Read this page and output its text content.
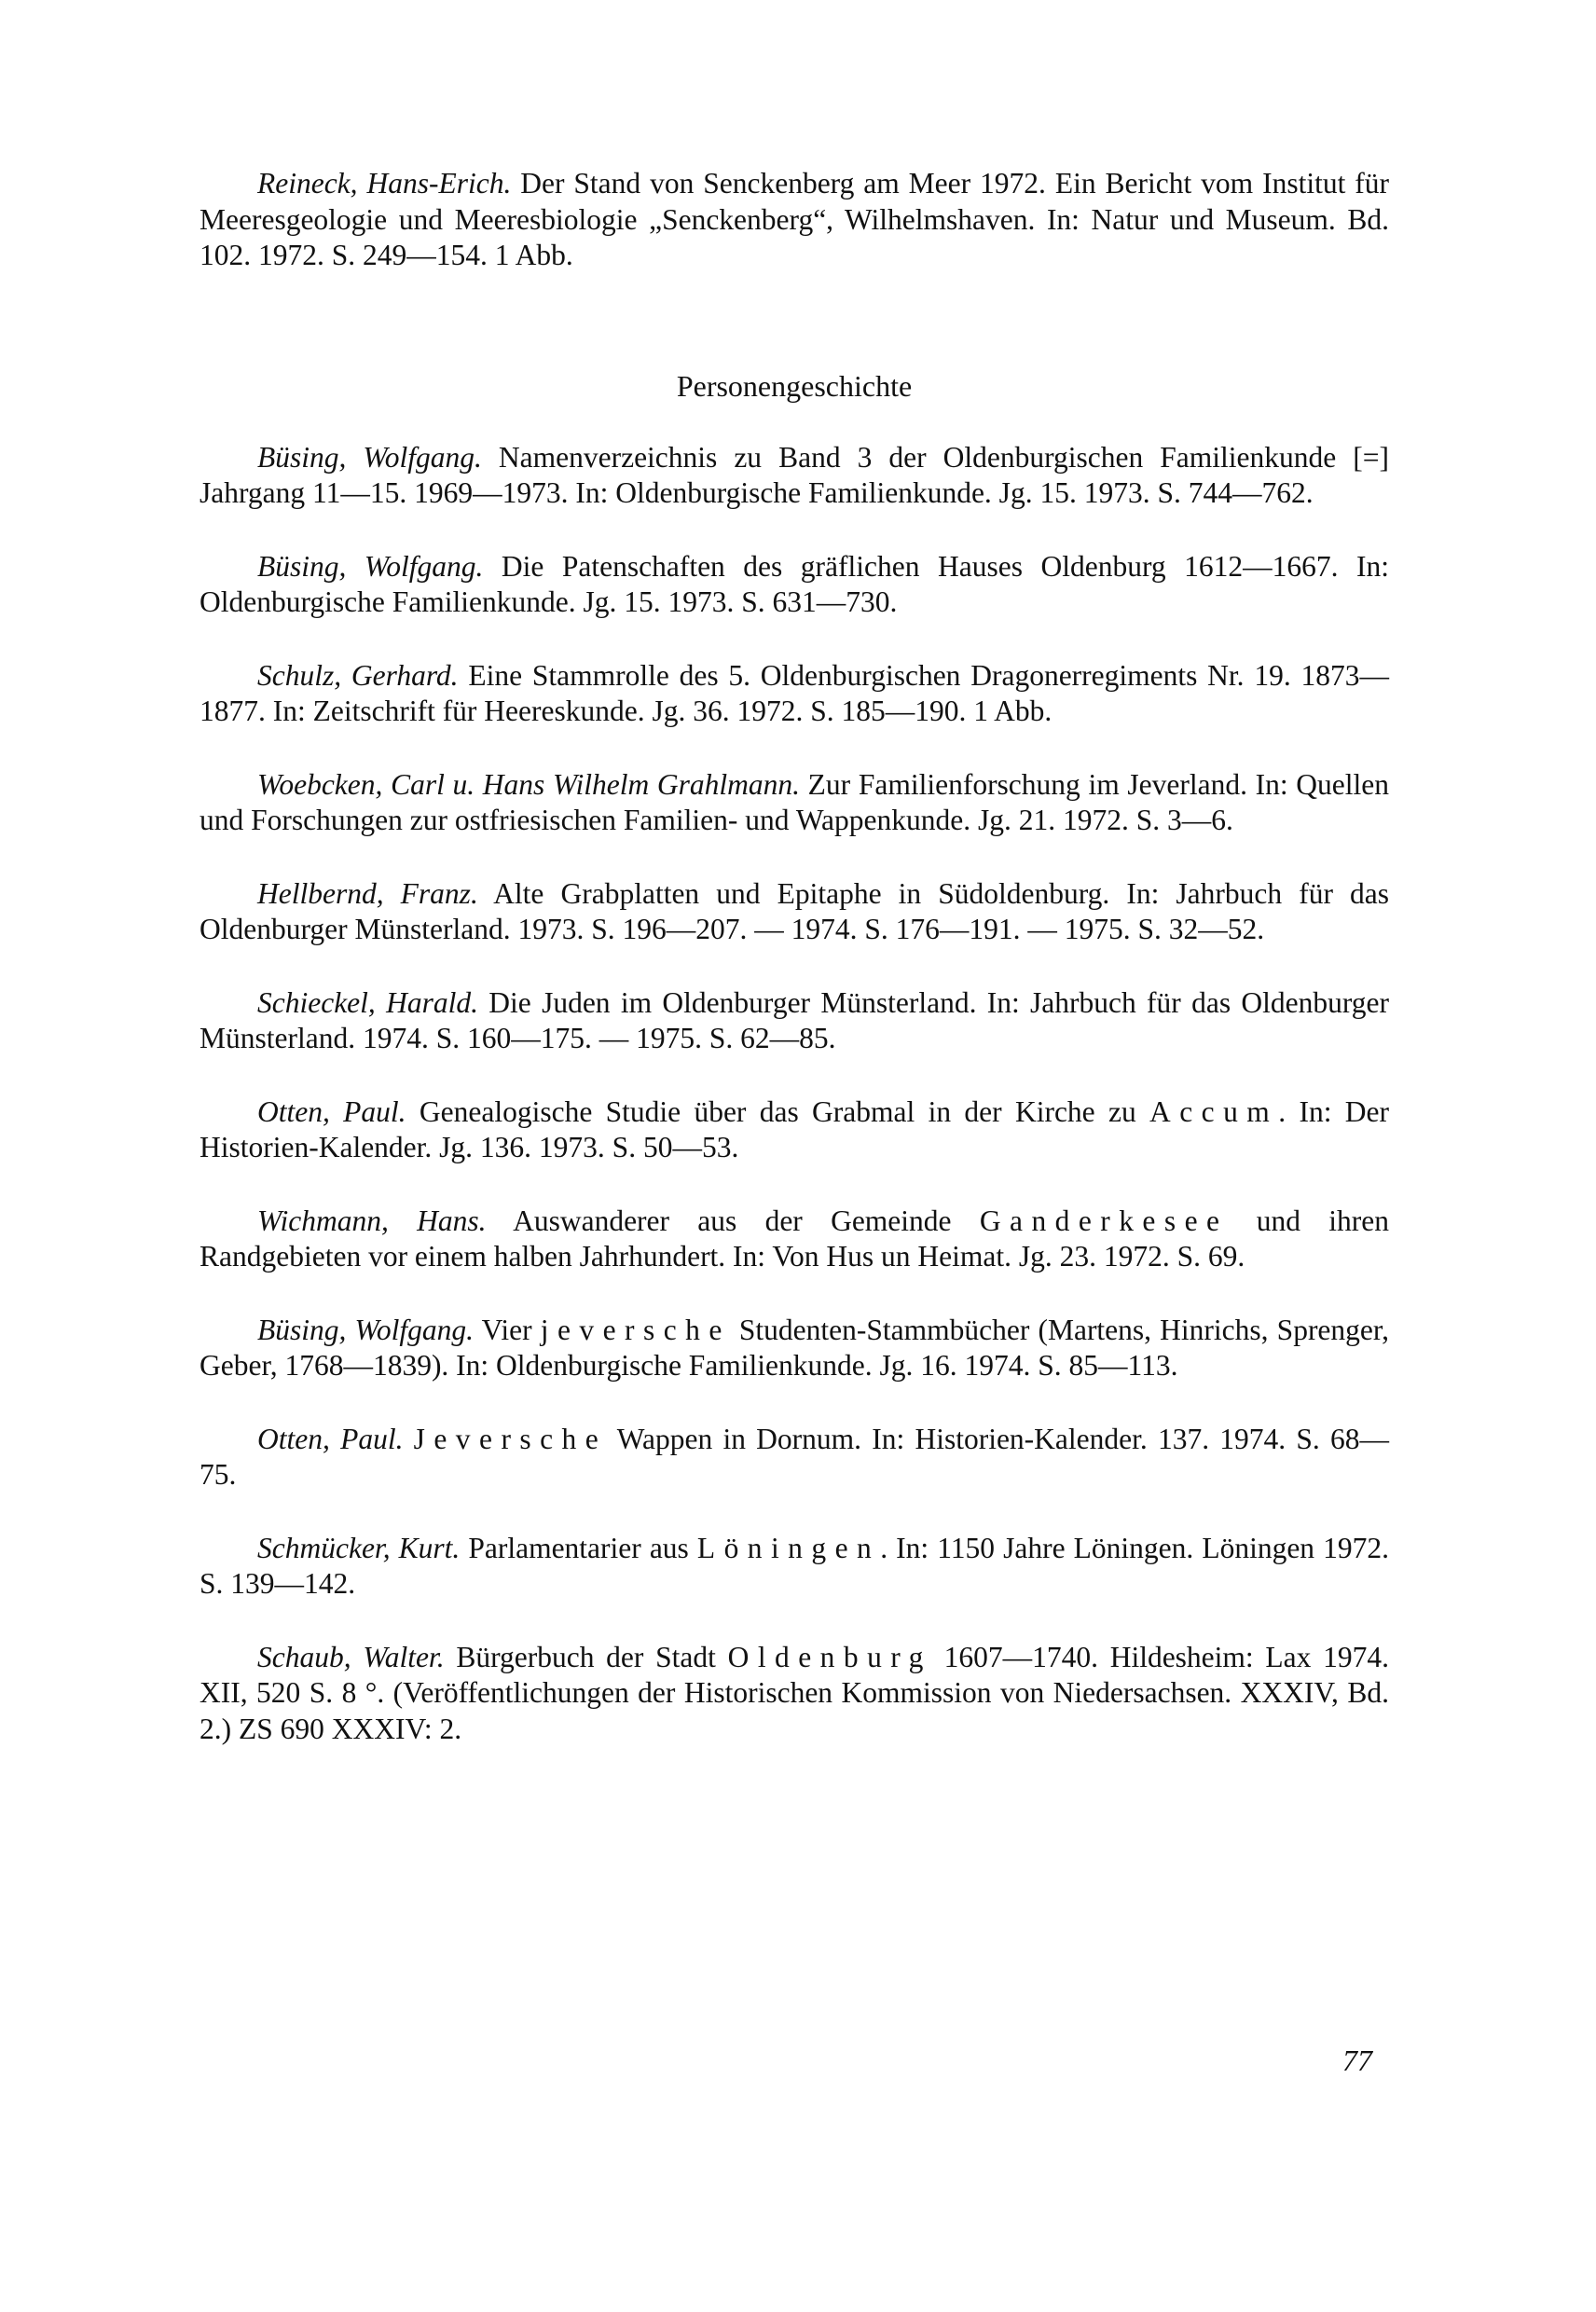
Reineck, Hans-Erich. Der Stand von Senckenberg am Meer 1972. Ein Bericht vom Institut für Meeresgeologie und Meeresbiologie „Senckenberg“, Wilhelmshaven. In: Natur und Museum. Bd. 102. 1972. S. 249—154. 1 Abb.

Personengeschichte

Büsing, Wolfgang. Namenverzeichnis zu Band 3 der Oldenburgischen Familienkunde [=] Jahrgang 11—15. 1969—1973. In: Oldenburgische Familienkunde. Jg. 15. 1973. S. 744—762.

Büsing, Wolfgang. Die Patenschaften des gräflichen Hauses Oldenburg 1612—1667. In: Oldenburgische Familienkunde. Jg. 15. 1973. S. 631—730.

Schulz, Gerhard. Eine Stammrolle des 5. Oldenburgischen Dragonerregiments Nr. 19. 1873—1877. In: Zeitschrift für Heereskunde. Jg. 36. 1972. S. 185—190. 1 Abb.

Woebcken, Carl u. Hans Wilhelm Grahlmann. Zur Familienforschung im Jeverland. In: Quellen und Forschungen zur ostfriesischen Familien- und Wappenkunde. Jg. 21. 1972. S. 3—6.

Hellbernd, Franz. Alte Grabplatten und Epitaphe in Südoldenburg. In: Jahrbuch für das Oldenburger Münsterland. 1973. S. 196—207. — 1974. S. 176—191. — 1975. S. 32—52.

Schieckel, Harald. Die Juden im Oldenburger Münsterland. In: Jahrbuch für das Oldenburger Münsterland. 1974. S. 160—175. — 1975. S. 62—85.

Otten, Paul. Genealogische Studie über das Grabmal in der Kirche zu Accum. In: Der Historien-Kalender. Jg. 136. 1973. S. 50—53.

Wichmann, Hans. Auswanderer aus der Gemeinde Ganderkesee und ihren Randgebieten vor einem halben Jahrhundert. In: Von Hus un Heimat. Jg. 23. 1972. S. 69.

Büsing, Wolfgang. Vier jeversche Studenten-Stammbücher (Martens, Hinrichs, Sprenger, Geber, 1768—1839). In: Oldenburgische Familienkunde. Jg. 16. 1974. S. 85—113.

Otten, Paul. Jeversche Wappen in Dornum. In: Historien-Kalender. 137. 1974. S. 68—75.

Schmücker, Kurt. Parlamentarier aus Löningen. In: 1150 Jahre Löningen. Löningen 1972. S. 139—142.

Schaub, Walter. Bürgerbuch der Stadt Oldenburg 1607—1740. Hildesheim: Lax 1974. XII, 520 S. 8 °. (Veröffentlichungen der Historischen Kommission von Niedersachsen. XXXIV, Bd. 2.) ZS 690 XXXIV: 2.

77
